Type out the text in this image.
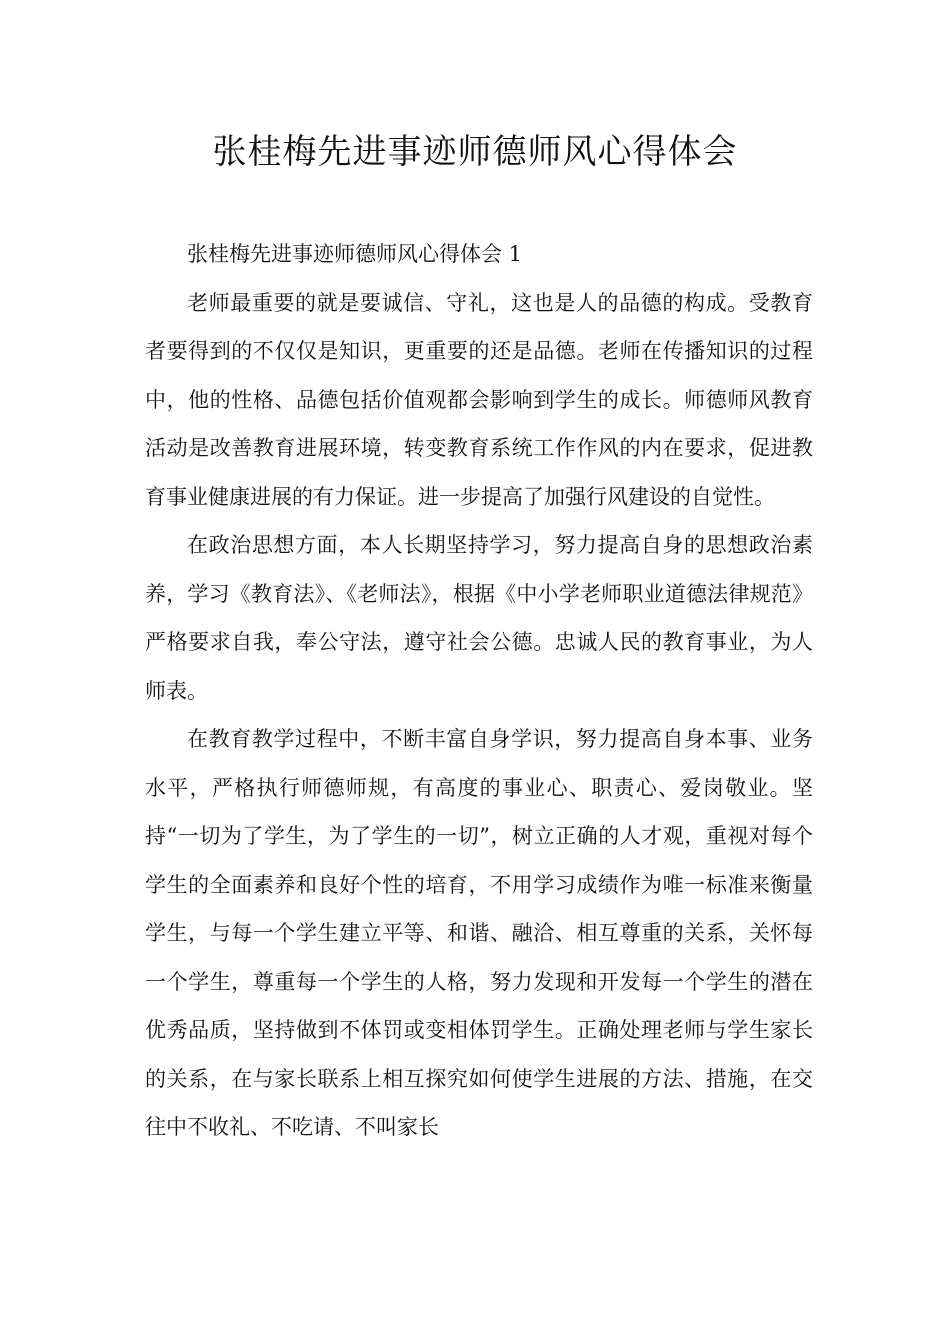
张桂梅先进事迹师德师风心得体会

张桂梅先进事迹师德师风心得体会 1

老师最重要的就是要诚信、守礼，这也是人的品德的构成。受教育者要得到的不仅仅是知识，更重要的还是品德。老师在传播知识的过程中，他的性格、品德包括价值观都会影响到学生的成长。师德师风教育活动是改善教育进展环境，转变教育系统工作作风的内在要求，促进教育事业健康进展的有力保证。进一步提高了加强行风建设的自觉性。

在政治思想方面，本人长期坚持学习，努力提高自身的思想政治素养，学习《教育法》、《老师法》，根据《中小学老师职业道德法律规范》严格要求自我，奉公守法，遵守社会公德。忠诚人民的教育事业，为人师表。

在教育教学过程中，不断丰富自身学识，努力提高自身本事、业务水平，严格执行师德师规，有高度的事业心、职责心、爱岗敬业。坚持“一切为了学生，为了学生的一切”，树立正确的人才观，重视对每个学生的全面素养和良好个性的培育，不用学习成绩作为唯一标准来衡量学生，与每一个学生建立平等、和谐、融洽、相互尊重的关系，关怀每一个学生，尊重每一个学生的人格，努力发现和开发每一个学生的潜在优秀品质，坚持做到不体罚或变相体罚学生。正确处理老师与学生家长的关系，在与家长联系上相互探究如何使学生进展的方法、措施，在交往中不收礼、不吃请、不叫家长
